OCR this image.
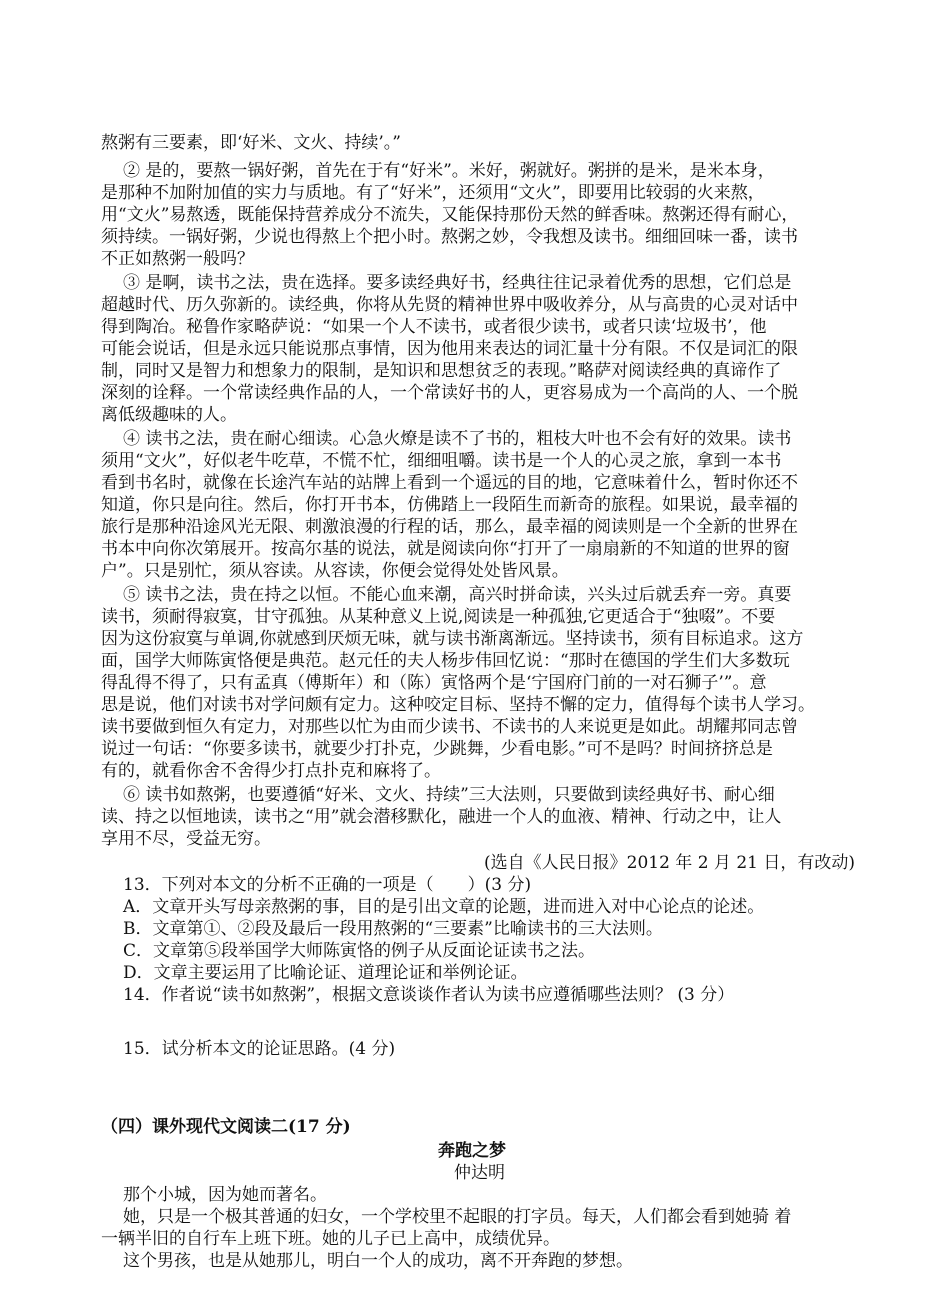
熬粥有三要素，即‘好米、文火、持续’。”
② 是的，要熬一锅好粥，首先在于有“好米”。米好，粥就好。粥拼的是米，是米本身，
是那种不加附加值的实力与质地。有了“好米”，还须用“文火”，即要用比较弱的火来熬，
用“文火”易熬透，既能保持营养成分不流失，又能保持那份天然的鲜香味。熬粥还得有耐心，
须持续。一锅好粥，少说也得熬上个把小时。熬粥之妙，令我想及读书。细细回味一番，读书
不正如熬粥一般吗？
③ 是啊，读书之法，贵在选择。要多读经典好书，经典往往记录着优秀的思想，它们总是
超越时代、历久弥新的。读经典，你将从先贤的精神世界中吸收养分，从与高贵的心灵对话中
得到陶冶。秘鲁作家略萨说：“如果一个人不读书，或者很少读书，或者只读‘垃圾书’，他
可能会说话，但是永远只能说那点事情，因为他用来表达的词汇量十分有限。不仅是词汇的限
制，同时又是智力和想象力的限制，是知识和思想贫乏的表现。”略萨对阅读经典的真谛作了
深刻的诠释。一个常读经典作品的人，一个常读好书的人，更容易成为一个高尚的人、一个脱
离低级趣味的人。
④ 读书之法，贵在耐心细读。心急火燎是读不了书的，粗枝大叶也不会有好的效果。读书
须用“文火”，好似老牛吃草，不慌不忙，细细咀嚼。读书是一个人的心灵之旅，拿到一本书
看到书名时，就像在长途汽车站的站牌上看到一个遥远的目的地，它意味着什么，暂时你还不
知道，你只是向往。然后，你打开书本，仿佛踏上一段陌生而新奇的旅程。如果说，最幸福的
旅行是那种沿途风光无限、刺激浪漫的行程的话，那么，最幸福的阅读则是一个全新的世界在
书本中向你次第展开。按高尔基的说法，就是阅读向你“打开了一扇扇新的不知道的世界的窗
户”。只是别忙，须从容读。从容读，你便会觉得处处皆风景。
⑤ 读书之法，贵在持之以恒。不能心血来潮，高兴时拼命读，兴头过后就丢弃一旁。真要
读书，须耐得寂寞，甘守孤独。从某种意义上说,阅读是一种孤独,它更适合于“独啜”。不要
因为这份寂寞与单调,你就感到厌烦无味，就与读书渐离渐远。坚持读书，须有目标追求。这方
面，国学大师陈寅恪便是典范。赵元任的夫人杨步伟回忆说：“那时在德国的学生们大多数玩
得乱得不得了，只有孟真（傅斯年）和（陈）寅恪两个是‘宁国府门前的一对石狮子’”。意
思是说，他们对读书对学问颇有定力。这种咬定目标、坚持不懈的定力，值得每个读书人学习。
读书要做到恒久有定力，对那些以忙为由而少读书、不读书的人来说更是如此。胡耀邦同志曾
说过一句话：“你要多读书，就要少打扑克，少跳舞，少看电影。”可不是吗？时间挤挤总是
有的，就看你舍不舍得少打点扑克和麻将了。
⑥ 读书如熬粥，也要遵循“好米、文火、持续”三大法则，只要做到读经典好书、耐心细
读、持之以恒地读，读书之“用”就会潜移默化，融进一个人的血液、精神、行动之中，让人
享用不尽，受益无穷。
(选自《人民日报》2012 年 2 月 21 日，有改动)
13．下列对本文的分析不正确的一项是（　　）(3 分)
A．文章开头写母亲熬粥的事，目的是引出文章的论题，进而进入对中心论点的论述。
B．文章第①、②段及最后一段用熬粥的“三要素”比喻读书的三大法则。
C．文章第⑤段举国学大师陈寅恪的例子从反面论证读书之法。
D．文章主要运用了比喻论证、道理论证和举例论证。
14．作者说“读书如熬粥”，根据文意谈谈作者认为读书应遵循哪些法则？ (3 分）
15．试分析本文的论证思路。(4 分)
（四）课外现代文阅读二(17 分)
奔跑之梦
仲达明
那个小城，因为她而著名。
她，只是一个极其普通的妇女，一个学校里不起眼的打字员。每天，人们都会看到她骑 着
一辆半旧的自行车上班下班。她的儿子已上高中，成绩优异。
这个男孩，也是从她那儿，明白一个人的成功，离不开奔跑的梦想。
